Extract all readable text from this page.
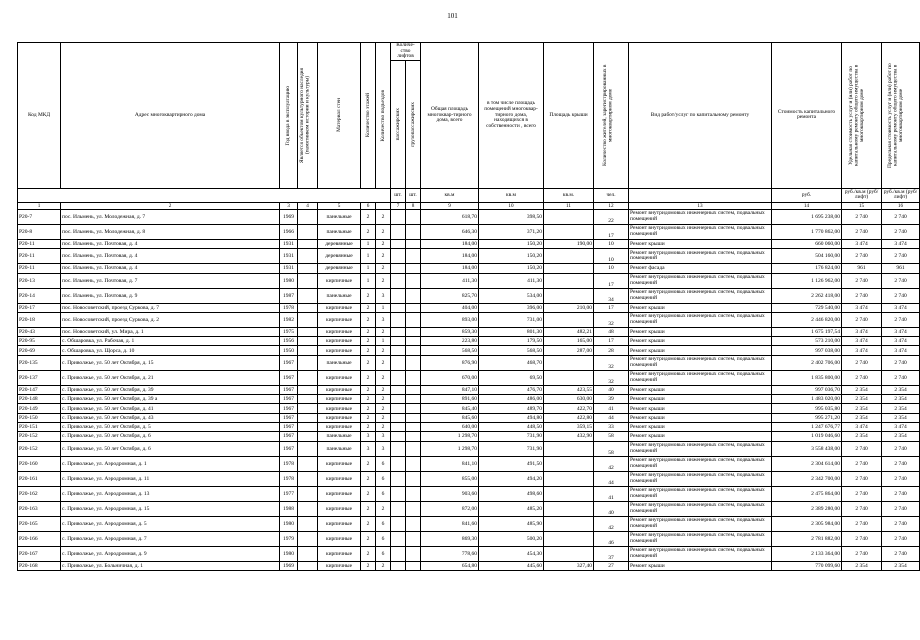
101
Код МКД	Адрес многоквартирного дома	Год ввода в эксплуатацию	Является объектом культурного наследия (памятником истории и культуры)	Материал стен	Количество этажей	Количество подъездов	Количе-ство лифтов		Общая площадь многоквар-тирного дома, всего	в том числе площадь помещений многоквар-тирного дома, находящихся в собственности , всего	Площадь крыши	Количество жителей, зарегистрированных в многоквартирном доме	Вид работ/услуг по капитальному ремонту	Стоимость капитального ремонта	Удельная стоимость услуг и (или) работ по капитальному ремонту общего имущества в многоквартирном доме	Предельная стоимость услуг и (или) работ по капитальному ремонту общего имущества в многоквартирном доме

							пассажирских	грузопассажирских								

							шт.	шт.	кв.м	кв.м	кв.м.	чел.		руб.	руб./кв.м (руб/лифт)	руб./кв.м (руб/лифт)
1	2	3	4	5	6		7	8	9	10	11	12	13	14	15	16
Р20-7	пос. Ильмень, ул. Молодежная, д. 7	1969		панельные	2	2			618,70	398,50		22	Ремонт внутридомовых инженерных систем, подвальных помещений	1 695 238,00	2 740	2 740
Р20-8	пос. Ильмень, ул. Молодежная, д. 8	1966		панельные	2	2			646,30	371,20		17	Ремонт внутридомовых инженерных систем, подвальных помещений	1 770 862,00	2 740	2 740
Р20-11	пос. Ильмень, ул. Почтовая, д. 4	1931		деревянные	1	2			184,00	150,20	190,00	10	Ремонт крыши	660 060,00	3 474	3 474
Р20-11	пос. Ильмень, ул. Почтовая, д. 4	1931		деревянные	1	2			184,00	150,20		10	Ремонт внутридомовых инженерных систем, подвальных помещений	504 160,00	2 740	2 740
Р20-11	пос. Ильмень, ул. Почтовая, д. 4	1931		деревянные	1	2			184,00	150,20		10	Ремонт фасада	176 824,00	961	961
Р20-13	пос. Ильмень, ул. Почтовая, д. 7	1980		кирпичные	1	2			411,30	411,30		17	Ремонт внутридомовых инженерных систем, подвальных помещений	1 126 962,00	2 740	2 740
Р20-14	пос. Ильмень, ул. Почтовая, д. 9	1987		панельные	2	3			825,70	534,00		34	Ремонт внутридомовых инженерных систем, подвальных помещений	2 262 418,00	2 740	2 740
Р20-17	пос. Новосоветский, проезд Суркова, д. 7	1978		кирпичные	2	1			404,00	396,00	210,00	17	Ремонт крыши	729 540,00	3 474	3 474
Р20-18	пос. Новосоветский, проезд Суркова, д. 2	1982		кирпичные	2	3			893,00	731,00		32	Ремонт внутридомовых инженерных систем, подвальных помещений	2 446 820,00	2 740	2 740
Р20-43	пос. Новосоветский, ул. Мира, д. 1	1975		кирпичные	2	2			859,30	801,30	482,21	48	Ремонт крыши	1 675 197,54	3 474	3 474
Р20-95	с. Обшаровка, ул. Рабочая, д. 1	1956		кирпичные	2	1			223,80	179,50	165,00	17	Ремонт крыши	573 210,00	3 474	3 474
Р20-69	с. Обшаровка, ул. Щорса, д. 10	1950		кирпичные	2	2			568,50	568,50	287,00	28	Ремонт крыши	997 038,00	3 474	3 474
Р20-135	с. Приволжье, ул. 50 лет Октября, д. 15	1967		панельные	2	2			876,90	468,70		32	Ремонт внутридомовых инженерных систем, подвальных помещений	2 402 706,00	2 740	2 740
Р20-137	с. Приволжье, ул. 50 лет Октября, д. 21	1967		кирпичные	2	2			670,00	69,50		32	Ремонт внутридомовых инженерных систем, подвальных помещений	1 835 800,00	2 740	2 740
Р20-147	с. Приволжье, ул. 50 лет Октября, д. 39	1967		кирпичные	2	2			847,10	476,70	423,55	40	Ремонт крыши	997 036,70	2 354	2 354
Р20-148	с. Приволжье, ул. 50 лет Октября, д. 39 а	1967		кирпичные	2	2			891,60	486,00	630,00	39	Ремонт крыши	1 483 020,00	2 354	2 354
Р20-149	с. Приволжье, ул. 50 лет Октября, д. 41	1967		кирпичные	2	2			845,40	489,70	422,70	41	Ремонт крыши	995 035,80	2 354	2 354
Р20-150	с. Приволжье, ул. 50 лет Октября, д. 43	1967		кирпичные	2	2			845,60	494,80	422,80	44	Ремонт крыши	995 271,20	2 354	2 354
Р20-151	с. Приволжье, ул. 50 лет Октября, д. 5	1967		кирпичные	2	2			640,00	448,50	359,15	33	Ремонт крыши	1 247 676,77	3 474	3 474
Р20-152	с. Приволжье, ул. 50 лет Октября, д. 6	1967		панельные	3	3			1 298,70	731,90	432,90	58	Ремонт крыши	1 019 046,60	2 354	2 354
Р20-152	с. Приволжье, ул. 50 лет Октября, д. 6	1967		панельные	3	3			1 298,70	731,90		58	Ремонт внутридомовых инженерных систем, подвальных помещений	3 558 438,00	2 740	2 740
Р20-160	с. Приволжье, ул. Аэродромная, д. 1	1978		кирпичные	2	6			841,10	491,50		42	Ремонт внутридомовых инженерных систем, подвальных помещений	2 304 614,00	2 740	2 740
Р20-161	с. Приволжье, ул. Аэродромная, д. 11	1978		кирпичные	2	6			855,00	494,20		44	Ремонт внутридомовых инженерных систем, подвальных помещений	2 342 700,00	2 740	2 740
Р20-162	с. Приволжье, ул. Аэродромная, д. 13	1977		кирпичные	2	6			903,60	498,60		41	Ремонт внутридомовых инженерных систем, подвальных помещений	2 475 864,00	2 740	2 740
Р20-163	с. Приволжье, ул. Аэродромная, д. 15	1988		кирпичные	2	2			872,00	485,20		40	Ремонт внутридомовых инженерных систем, подвальных помещений	2 389 280,00	2 740	2 740
Р20-165	с. Приволжье, ул. Аэродромная, д. 5	1980		кирпичные	2	6			841,60	485,90		42	Ремонт внутридомовых инженерных систем, подвальных помещений	2 305 984,00	2 740	2 740
Р20-166	с. Приволжье, ул. Аэродромная, д. 7	1979		кирпичные	2	6			869,30	500,20		46	Ремонт внутридомовых инженерных систем, подвальных помещений	2 781 882,00	2 740	2 740
Р20-167	с. Приволжье, ул. Аэродромная, д. 9	1980		кирпичные	2	6			778,60	454,30		37	Ремонт внутридомовых инженерных систем, подвальных помещений	2 133 364,00	2 740	2 740
Р20-168	с. Приволжье, ул. Больничная, д. 1	1969		кирпичные	2	2			654,80	445,60	327,40	27	Ремонт крыши	770 099,60	2 354	2 354
